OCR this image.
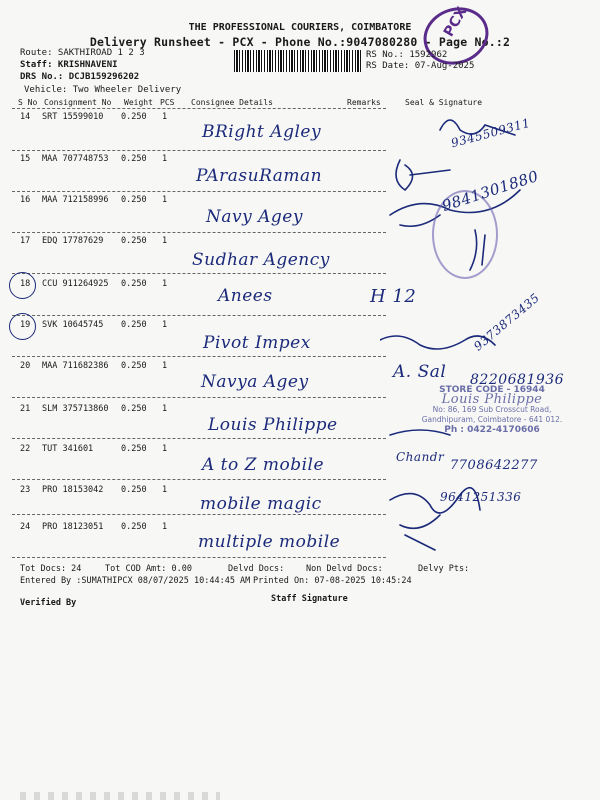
THE PROFESSIONAL COURIERS, COIMBATORE
Delivery Runsheet - PCX - Phone No.:9047080280 - Page No.:2
PCX
Route: SAKTHIROAD 1 2 3
Staff: KRISHNAVENI
DRS No.: DCJB159296202
Vehicle: Two Wheeler Delivery
RS No.: 1592962
RS Date: 07-Aug-2025
S No Consignment No Weight PCS Consignee Details	Remarks	Seal & Signature
14 SRT 15599010 0.250 1
BRight Agley
15 MAA 707748753 0.250 1
PArasuRaman
16 MAA 712158996 0.250 1
Navy Agey
17 EDQ 17787629 0.250 1
Sudhar Agency
18 CCU 911264925 0.250 1
Anees	H 12
19 SVK 10645745 0.250 1
Pivot Impex
20 MAA 711682386 0.250 1
Navya Agey
21 SLM 375713860 0.250 1
Louis Philippe
22 TUT 341601	0.250 1
A to Z mobile
23 PRO 18153042 0.250 1
mobile magic
24 PRO 18123051 0.250 1
multiple mobile
9345509311
9841301880
9373873435
A. Sal 8220681936
STORE CODE - 16944
Louis Philippe
No: 86, 169 Sub Crosscut Road,
Gandhipuram, Coimbatore - 641 012.
Ph : 0422-4170606
Chandr
7708642277
9641251336
Tot Docs: 24	Tot COD Amt: 0.00	Delvd Docs:	Non Delvd Docs:	Delvy Pts:
Entered By :SUMATHIPCX 08/07/2025 10:44:45 AM Printed On: 07-08-2025 10:45:24
Verified By	Staff Signature
